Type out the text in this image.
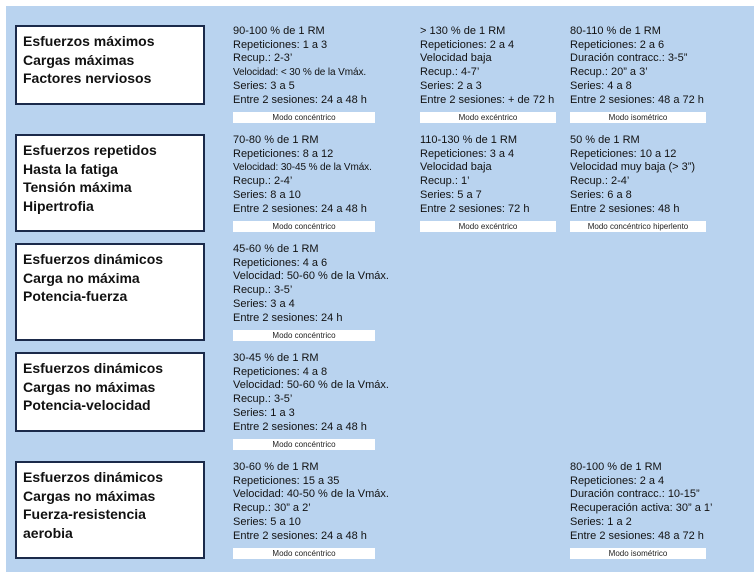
Esfuerzos máximos
Cargas máximas
Factores nerviosos
90-100 % de 1 RM
Repeticiones: 1 a 3
Recup.: 2-3’
Velocidad: < 30 % de la Vmáx.
Series: 3 a 5
Entre 2 sesiones: 24 a 48 h
Modo concéntrico
> 130 % de 1 RM
Repeticiones: 2 a 4
Velocidad baja
Recup.: 4-7’
Series: 2 a 3
Entre 2 sesiones: + de 72 h
Modo excéntrico
80-110 % de 1 RM
Repeticiones: 2 a 6
Duración contracc.: 3-5”
Recup.: 20” a 3’
Series: 4 a 8
Entre 2 sesiones: 48 a 72 h
Modo isométrico
Esfuerzos repetidos
Hasta la fatiga
Tensión máxima
Hipertrofia
70-80 % de 1 RM
Repeticiones: 8 a 12
Velocidad: 30-45 % de la Vmáx.
Recup.: 2-4’
Series: 8 a 10
Entre 2 sesiones: 24 a 48 h
Modo concéntrico
110-130 % de 1 RM
Repeticiones: 3 a 4
Velocidad baja
Recup.: 1’
Series: 5 a 7
Entre 2 sesiones: 72 h
Modo excéntrico
50 % de 1 RM
Repeticiones: 10 a 12
Velocidad muy baja (> 3”)
Recup.: 2-4’
Series: 6 a 8
Entre 2 sesiones: 48 h
Modo concéntrico hiperlento
Esfuerzos dinámicos
Carga no máxima
Potencia-fuerza
45-60 % de 1 RM
Repeticiones: 4 a 6
Velocidad: 50-60 % de la Vmáx.
Recup.: 3-5’
Series: 3 a 4
Entre 2 sesiones: 24 h
Modo concéntrico
Esfuerzos dinámicos
Cargas no máximas
Potencia-velocidad
30-45 % de 1 RM
Repeticiones: 4 a 8
Velocidad: 50-60 % de la Vmáx.
Recup.: 3-5’
Series: 1 a 3
Entre 2 sesiones: 24 a 48 h
Modo concéntrico
Esfuerzos dinámicos
Cargas no máximas
Fuerza-resistencia
aerobia
30-60 % de 1 RM
Repeticiones: 15 a 35
Velocidad: 40-50 % de la Vmáx.
Recup.: 30” a 2’
Series: 5 a 10
Entre 2 sesiones: 24 a 48 h
Modo concéntrico
80-100 % de 1 RM
Repeticiones: 2 a 4
Duración contracc.: 10-15”
Recuperación activa: 30” a 1’
Series: 1 a 2
Entre 2 sesiones: 48 a 72 h
Modo isométrico
